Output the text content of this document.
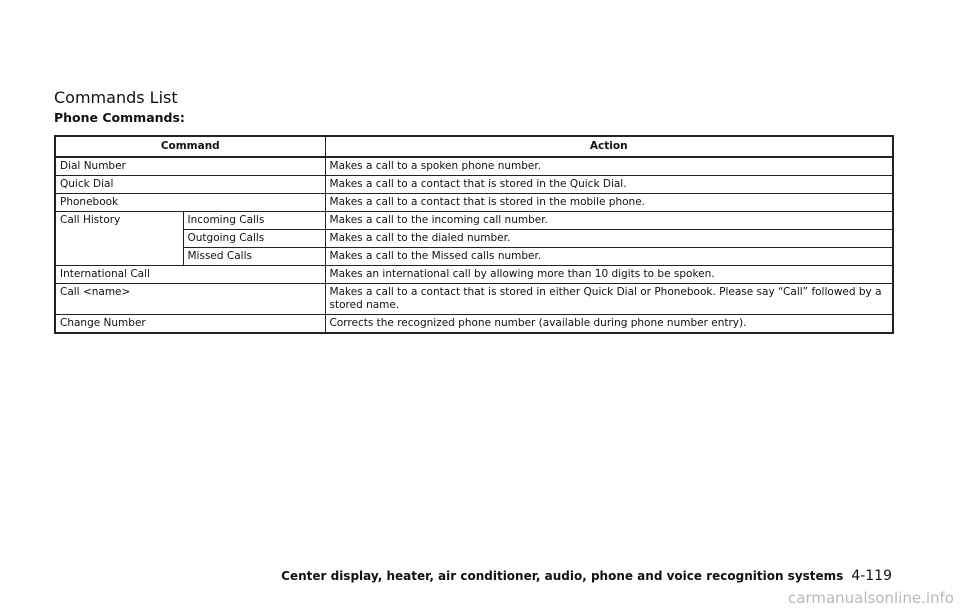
Commands List
Phone Commands:
Command		Action
Dial Number		Makes a call to a spoken phone number.
Quick Dial		Makes a call to a contact that is stored in the Quick Dial.
Phonebook		Makes a call to a contact that is stored in the mobile phone.
Call History	Incoming Calls	Makes a call to the incoming call number.
	Outgoing Calls	Makes a call to the dialed number.
	Missed Calls	Makes a call to the Missed calls number.
International Call		Makes an international call by allowing more than 10 digits to be spoken.
Call <name>		Makes a call to a contact that is stored in either Quick Dial or Phonebook. Please say “Call” followed by a stored name.
Change Number		Corrects the recognized phone number (available during phone number entry).
Center display, heater, air conditioner, audio, phone and voice recognition systems 4-119
carmanualsonline.info
